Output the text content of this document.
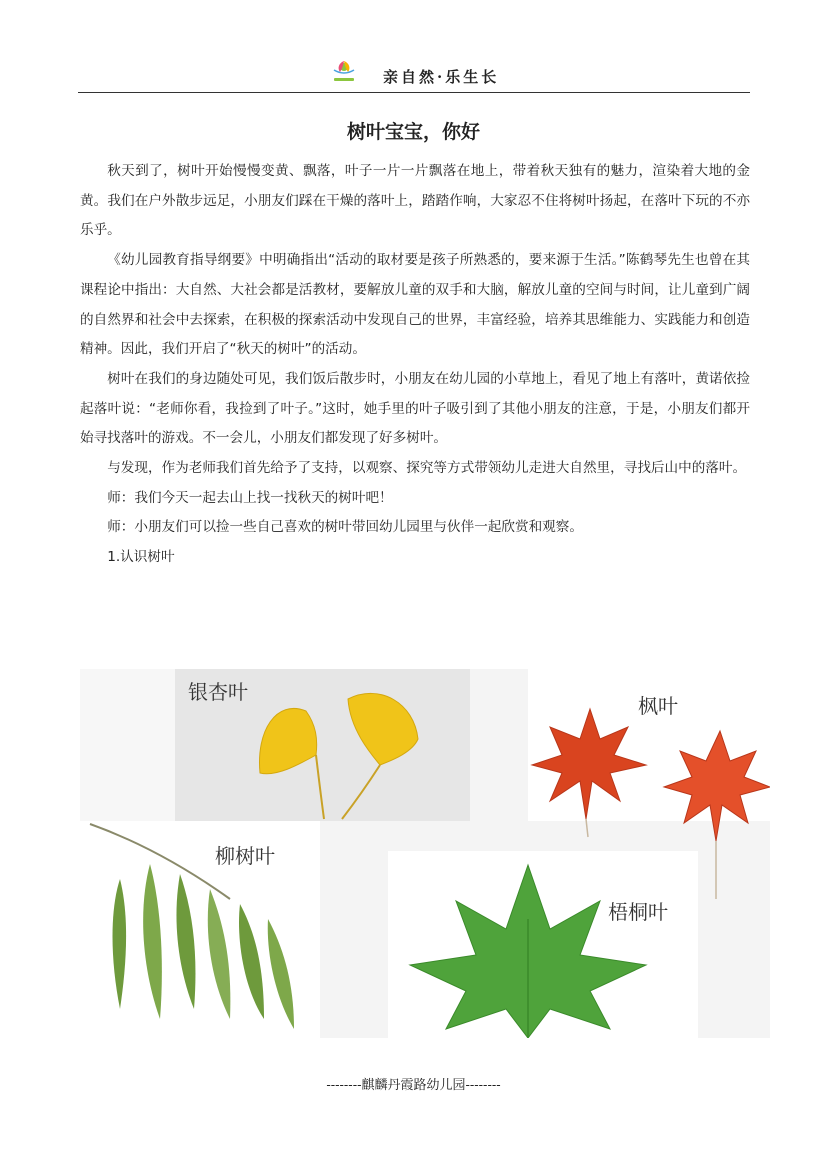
亲自然·乐生长
树叶宝宝，你好

秋天到了，树叶开始慢慢变黄、飘落，叶子一片一片飘落在地上，带着秋天独有的魅力，渲染着大地的金黄。我们在户外散步远足，小朋友们踩在干燥的落叶上，踏踏作响，大家忍不住将树叶扬起，在落叶下玩的不亦乐乎。

《幼儿园教育指导纲要》中明确指出“活动的取材要是孩子所熟悉的，要来源于生活。”陈鹤琴先生也曾在其课程论中指出：大自然、大社会都是活教材，要解放儿童的双手和大脑，解放儿童的空间与时间，让儿童到广阔的自然界和社会中去探索，在积极的探索活动中发现自己的世界，丰富经验，培养其思维能力、实践能力和创造精神。因此，我们开启了“秋天的树叶”的活动。

树叶在我们的身边随处可见，我们饭后散步时，小朋友在幼儿园的小草地上，看见了地上有落叶，黄诺依捡起落叶说：“老师你看，我捡到了叶子。”这时，她手里的叶子吸引到了其他小朋友的注意，于是，小朋友们都开始寻找落叶的游戏。不一会儿，小朋友们都发现了好多树叶。

与发现，作为老师我们首先给予了支持，以观察、探究等方式带领幼儿走进大自然里，寻找后山中的落叶。

师：我们今天一起去山上找一找秋天的树叶吧！

师：小朋友们可以捡一些自己喜欢的树叶带回幼儿园里与伙伴一起欣赏和观察。

1.认识树叶

银杏叶
枫叶
柳树叶
梧桐叶
--------麒麟丹霞路幼儿园--------
